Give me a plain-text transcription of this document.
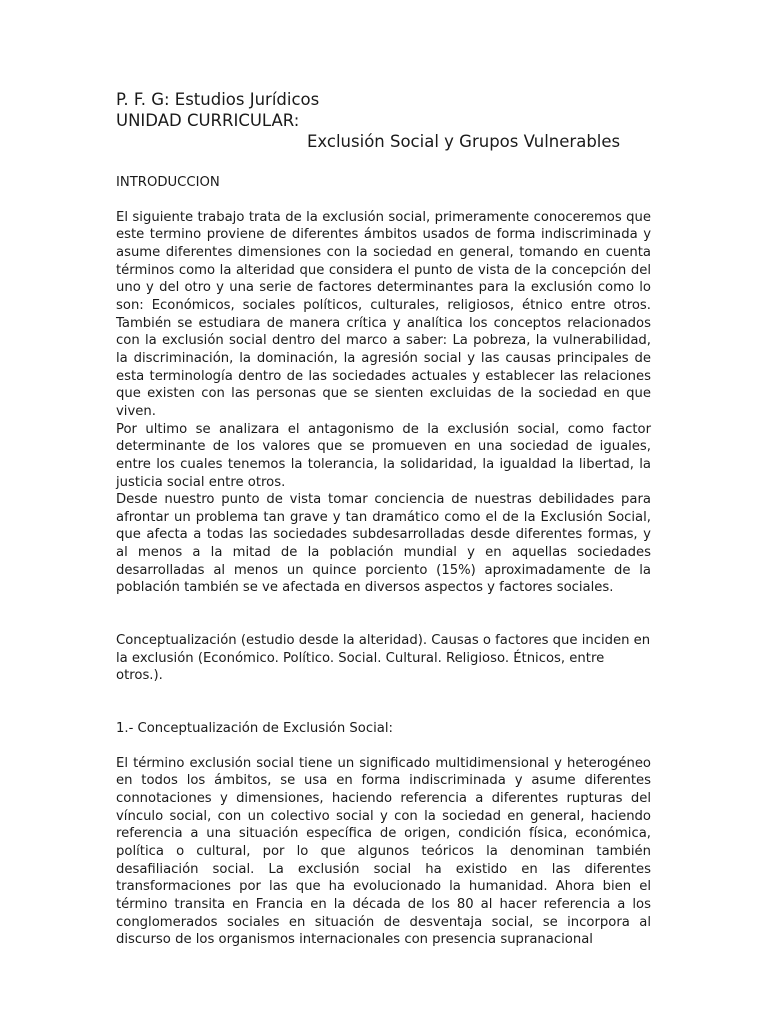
P. F. G: Estudios Jurídicos
UNIDAD CURRICULAR:
Exclusión Social y Grupos Vulnerables

INTRODUCCION

El siguiente trabajo trata de la exclusión social, primeramente conoceremos que este termino proviene de diferentes ámbitos usados de forma indiscriminada y asume diferentes dimensiones con la sociedad en general, tomando en cuenta términos como la alteridad que considera el punto de vista de la concepción del uno y del otro y una serie de factores determinantes para la exclusión como lo son: Económicos, sociales políticos, culturales, religiosos, étnico entre otros. También se estudiara de manera crítica y analítica los conceptos relacionados con la exclusión social dentro del marco a saber: La pobreza, la vulnerabilidad, la discriminación, la dominación, la agresión social y las causas principales de esta terminología dentro de las sociedades actuales y establecer las relaciones que existen con las personas que se sienten excluidas de la sociedad en que viven.

Por ultimo se analizara el antagonismo de la exclusión social, como factor determinante de los valores que se promueven en una sociedad de iguales, entre los cuales tenemos la tolerancia, la solidaridad, la igualdad la libertad, la justicia social entre otros.

Desde nuestro punto de vista tomar conciencia de nuestras debilidades para afrontar un problema tan grave y tan dramático como el de la Exclusión Social, que afecta a todas las sociedades subdesarrolladas desde diferentes formas, y al menos a la mitad de la población mundial y en aquellas sociedades desarrolladas al menos un quince porciento (15%) aproximadamente de la población también se ve afectada en diversos aspectos y factores sociales.

Conceptualización (estudio desde la alteridad). Causas o factores que inciden en la exclusión (Económico. Político. Social. Cultural. Religioso. Étnicos, entre otros.).

1.- Conceptualización de Exclusión Social:

El término exclusión social tiene un significado multidimensional y heterogéneo en todos los ámbitos, se usa en forma indiscriminada y asume diferentes connotaciones y dimensiones, haciendo referencia a diferentes rupturas del vínculo social, con un colectivo social y con la sociedad en general, haciendo referencia a una situación específica de origen, condición física, económica, política o cultural, por lo que algunos teóricos la denominan también desafiliación social. La exclusión social ha existido en las diferentes transformaciones por las que ha evolucionado la humanidad. Ahora bien el término transita en Francia en la década de los 80 al hacer referencia a los conglomerados sociales en situación de desventaja social, se incorpora al discurso de los organismos internacionales con presencia supranacional
